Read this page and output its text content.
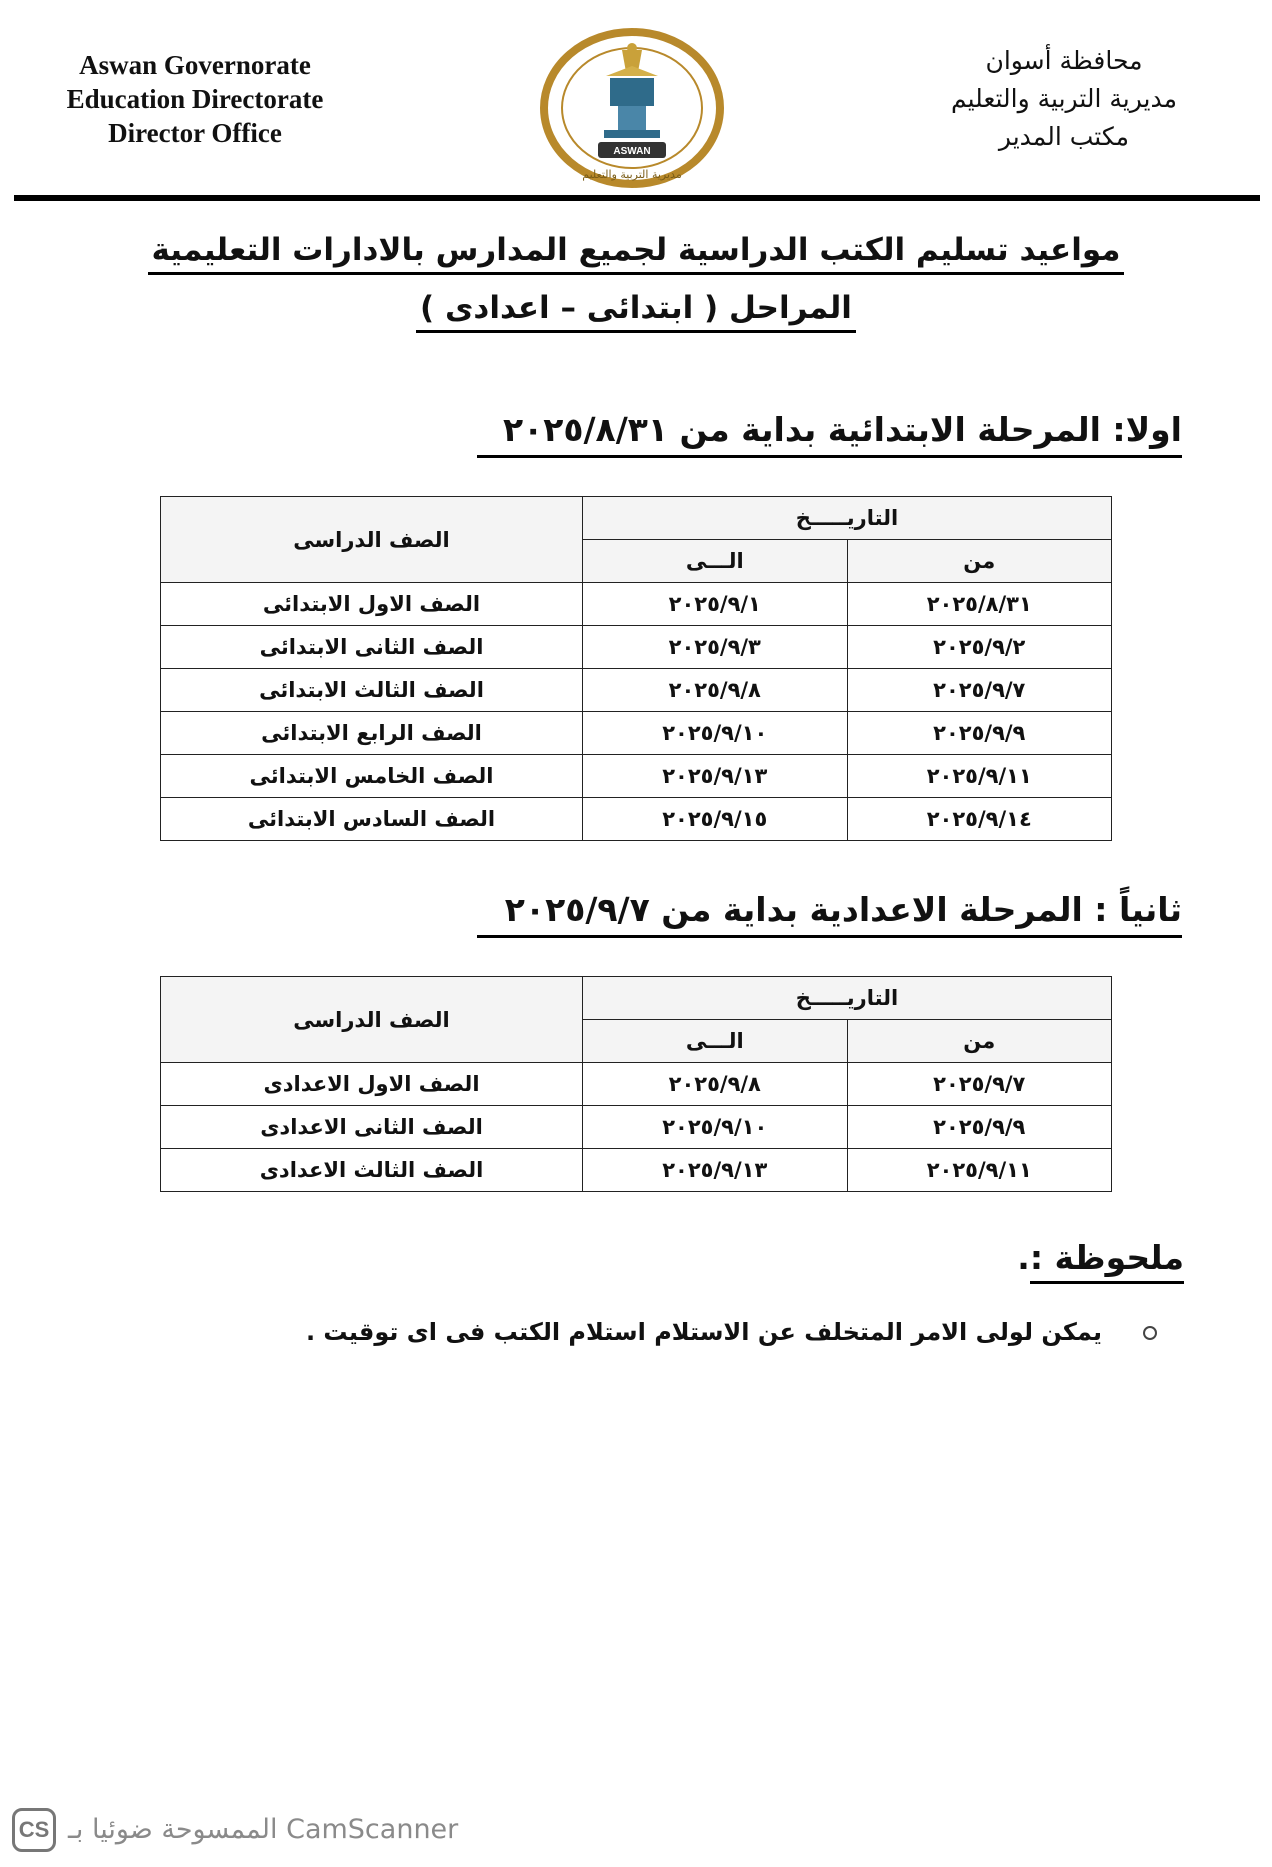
Aswan Governorate
Education Directorate
Director Office
ASWAN
مديرية التربية والتعليم
محافظة أسوان
مديرية التربية والتعليم
مكتب المدير
مواعيد تسليم الكتب الدراسية لجميع المدارس بالادارات التعليمية
المراحل ( ابتدائى – اعدادى )
اولا: المرحلة الابتدائية بداية من ٢٠٢٥/٨/٣١
التاريـــــخ		الصف الدراسى
من	الـــى	
٢٠٢٥/٨/٣١	٢٠٢٥/٩/١	الصف الاول الابتدائى
٢٠٢٥/٩/٢	٢٠٢٥/٩/٣	الصف الثانى الابتدائى
٢٠٢٥/٩/٧	٢٠٢٥/٩/٨	الصف الثالث الابتدائى
٢٠٢٥/٩/٩	٢٠٢٥/٩/١٠	الصف الرابع الابتدائى
٢٠٢٥/٩/١١	٢٠٢٥/٩/١٣	الصف الخامس الابتدائى
٢٠٢٥/٩/١٤	٢٠٢٥/٩/١٥	الصف السادس الابتدائى
ثانياً : المرحلة الاعدادية بداية من ٢٠٢٥/٩/٧
التاريـــــخ		الصف الدراسى
من	الـــى	
٢٠٢٥/٩/٧	٢٠٢٥/٩/٨	الصف الاول الاعدادى
٢٠٢٥/٩/٩	٢٠٢٥/٩/١٠	الصف الثانى الاعدادى
٢٠٢٥/٩/١١	٢٠٢٥/٩/١٣	الصف الثالث الاعدادى
ملحوظة :.
يمكن لولى الامر المتخلف عن الاستلام استلام الكتب فى اى توقيت .
CS الممسوحة ضوئيا بـ CamScanner
